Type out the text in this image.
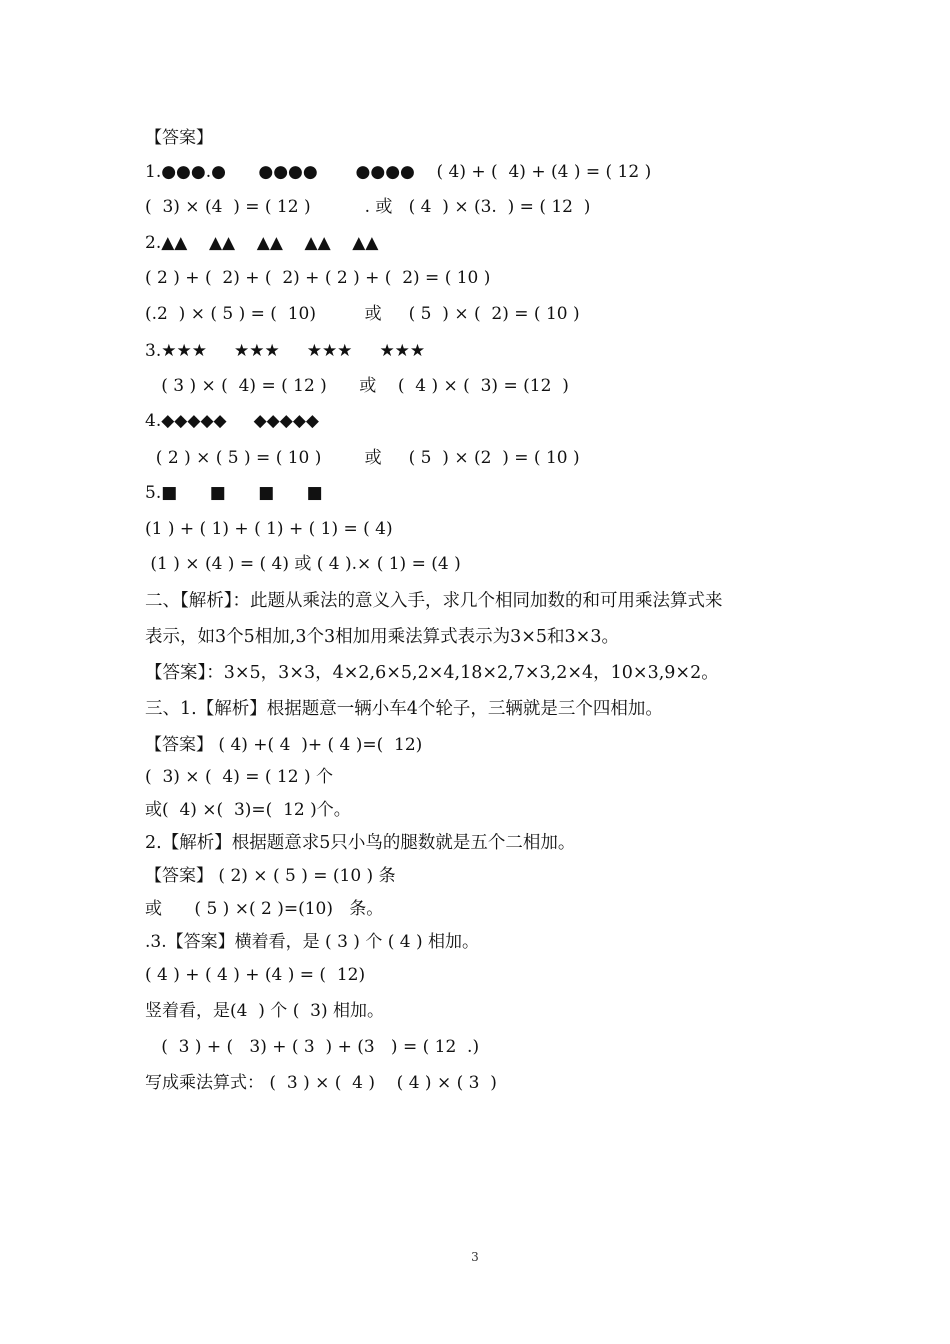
【答案】
1.●●●.●      ●●●●       ●●●●    ( 4) + (  4) + (4 ) = ( 12 )
(  3) × (4  ) = ( 12 )          . 或   ( 4  ) × (3.  ) = ( 12  )
2.▲▲    ▲▲    ▲▲    ▲▲    ▲▲
( 2 ) + (  2) + (  2) + ( 2 ) + (  2) = ( 10 )
(.2  ) × ( 5 ) = (  10)         或     ( 5  ) × (  2) = ( 10 )
3.★★★     ★★★     ★★★     ★★★
( 3 ) × (  4) = ( 12 )      或    (  4 ) × (  3) = (12  )
4.◆◆◆◆◆     ◆◆◆◆◆
( 2 ) × ( 5 ) = ( 10 )        或     ( 5  ) × (2  ) = ( 10 )
5.■      ■      ■      ■
(1 ) + ( 1) + ( 1) + ( 1) = ( 4)
(1 ) × (4 ) = ( 4) 或 ( 4 ).× ( 1) = (4 )
二、【解析】：此题从乘法的意义入手，求几个相同加数的和可用乘法算式来
表示，如3个5相加,3个3相加用乘法算式表示为3×5和3×3。
【答案】：3×5，3×3，4×2,6×5,2×4,18×2,7×3,2×4，10×3,9×2。
三、1.【解析】根据题意一辆小车4个轮子，三辆就是三个四相加。
【答案】 ( 4) +( 4  )+ ( 4 )=(  12)
(  3) × (  4) = ( 12 ) 个
或(  4) ×(  3)=(  12 )个。
2.【解析】根据题意求5只小鸟的腿数就是五个二相加。
【答案】 ( 2) × ( 5 ) = (10 ) 条
或      ( 5 ) ×( 2 )=(10)   条。
.3.【答案】横着看，是 ( 3 ) 个 ( 4 ) 相加。
( 4 ) + ( 4 ) + (4 ) = (  12)
竖着看，是(4  ) 个 (  3) 相加。
(  3 ) + (   3) + ( 3  ) + (3   ) = ( 12  .)
写成乘法算式： (  3 ) × (  4 )    ( 4 ) × ( 3  )
3
